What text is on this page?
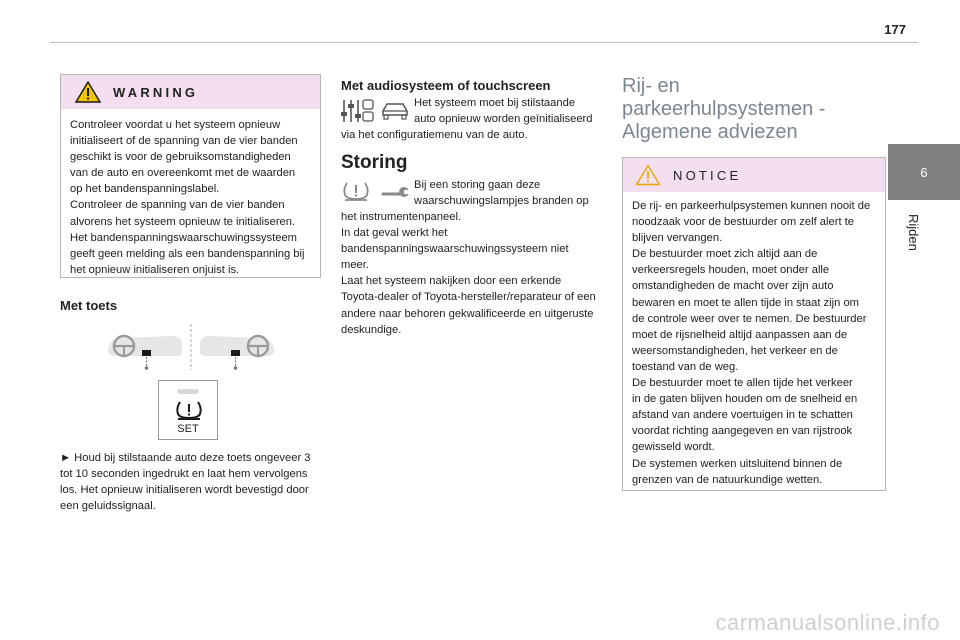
177
6
Rijden
WARNING

Controleer voordat u het systeem opnieuw

initialiseert of de spanning van de vier banden

geschikt is voor de gebruiksomstandigheden

van de auto en overeenkomt met de waarden

op het bandenspanningslabel.

Controleer de spanning van de vier banden

alvorens het systeem opnieuw te initialiseren.

Het bandenspanningswaarschuwingssysteem

geeft geen melding als een bandenspanning bij

het opnieuw initialiseren onjuist is.

Met toets
SET

► Houd bij stilstaande auto deze toets ongeveer 3

tot 10 seconden ingedrukt en laat hem vervolgens

los. Het opnieuw initialiseren wordt bevestigd door

een geluidssignaal.

Met audiosysteem of touchscreen

Het systeem moet bij stilstaande

auto opnieuw worden geïnitialiseerd

via het configuratiemenu van de auto.

Storing

Bij een storing gaan deze

waarschuwingslampjes branden op

het instrumentenpaneel.

In dat geval werkt het

bandenspanningswaarschuwingssysteem niet

meer.

Laat het systeem nakijken door een erkende

Toyota-dealer of Toyota-hersteller/reparateur of een

andere naar behoren gekwalificeerde en uitgeruste

deskundige.

Rij- en
parkeerhulpsystemen -
Algemene adviezen
NOTICE

De rij- en parkeerhulpsystemen kunnen nooit de

noodzaak voor de bestuurder om zelf alert te

blijven vervangen.

De bestuurder moet zich altijd aan de

verkeersregels houden, moet onder alle

omstandigheden de macht over zijn auto

bewaren en moet te allen tijde in staat zijn om

de controle weer over te nemen. De bestuurder

moet de rijsnelheid altijd aanpassen aan de

weersomstandigheden, het verkeer en de

toestand van de weg.

De bestuurder moet te allen tijde het verkeer

in de gaten blijven houden om de snelheid en

afstand van andere voertuigen in te schatten

voordat richting aangegeven en van rijstrook

gewisseld wordt.

De systemen werken uitsluitend binnen de

grenzen van de natuurkundige wetten.

carmanualsonline.info
